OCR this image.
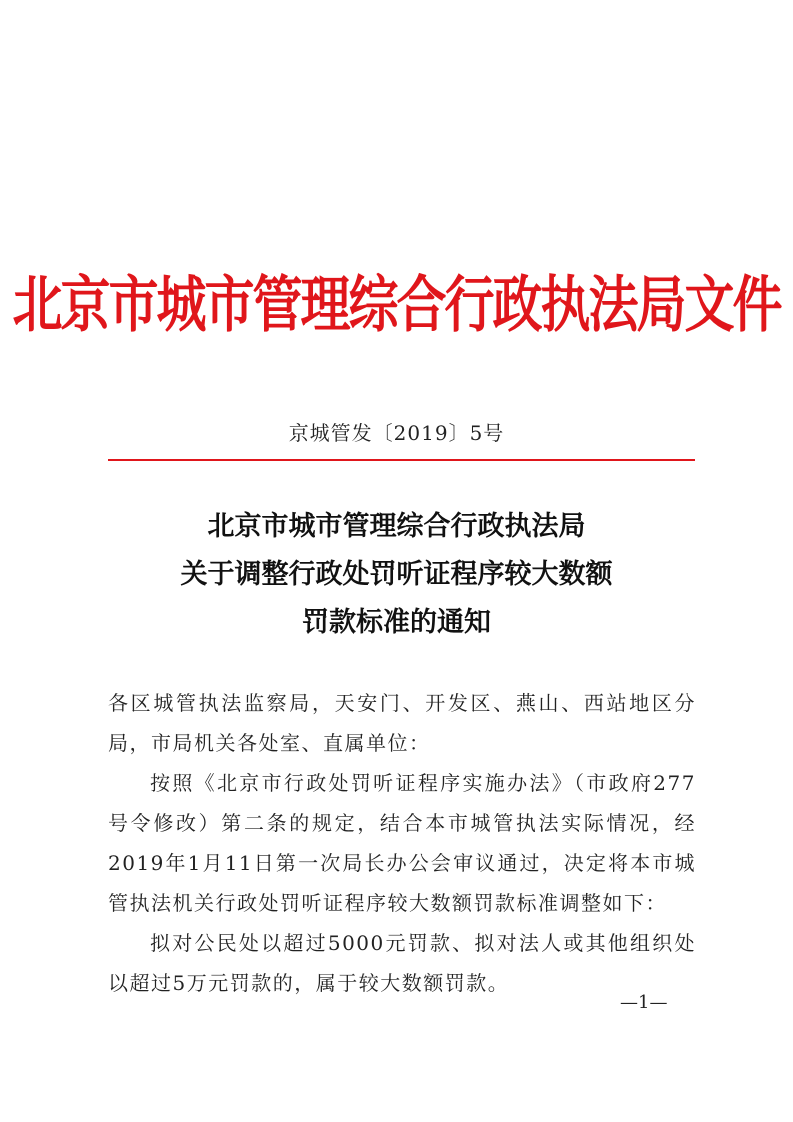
北京市城市管理综合行政执法局文件
京城管发〔2019〕5号
北京市城市管理综合行政执法局
关于调整行政处罚听证程序较大数额
罚款标准的通知

各区城管执法监察局，天安门、开发区、燕山、西站地区分局，市局机关各处室、直属单位：

按照《北京市行政处罚听证程序实施办法》（市政府277号令修改）第二条的规定，结合本市城管执法实际情况，经2019年1月11日第一次局长办公会审议通过，决定将本市城管执法机关行政处罚听证程序较大数额罚款标准调整如下：

拟对公民处以超过5000元罚款、拟对法人或其他组织处以超过5万元罚款的，属于较大数额罚款。

—1—
